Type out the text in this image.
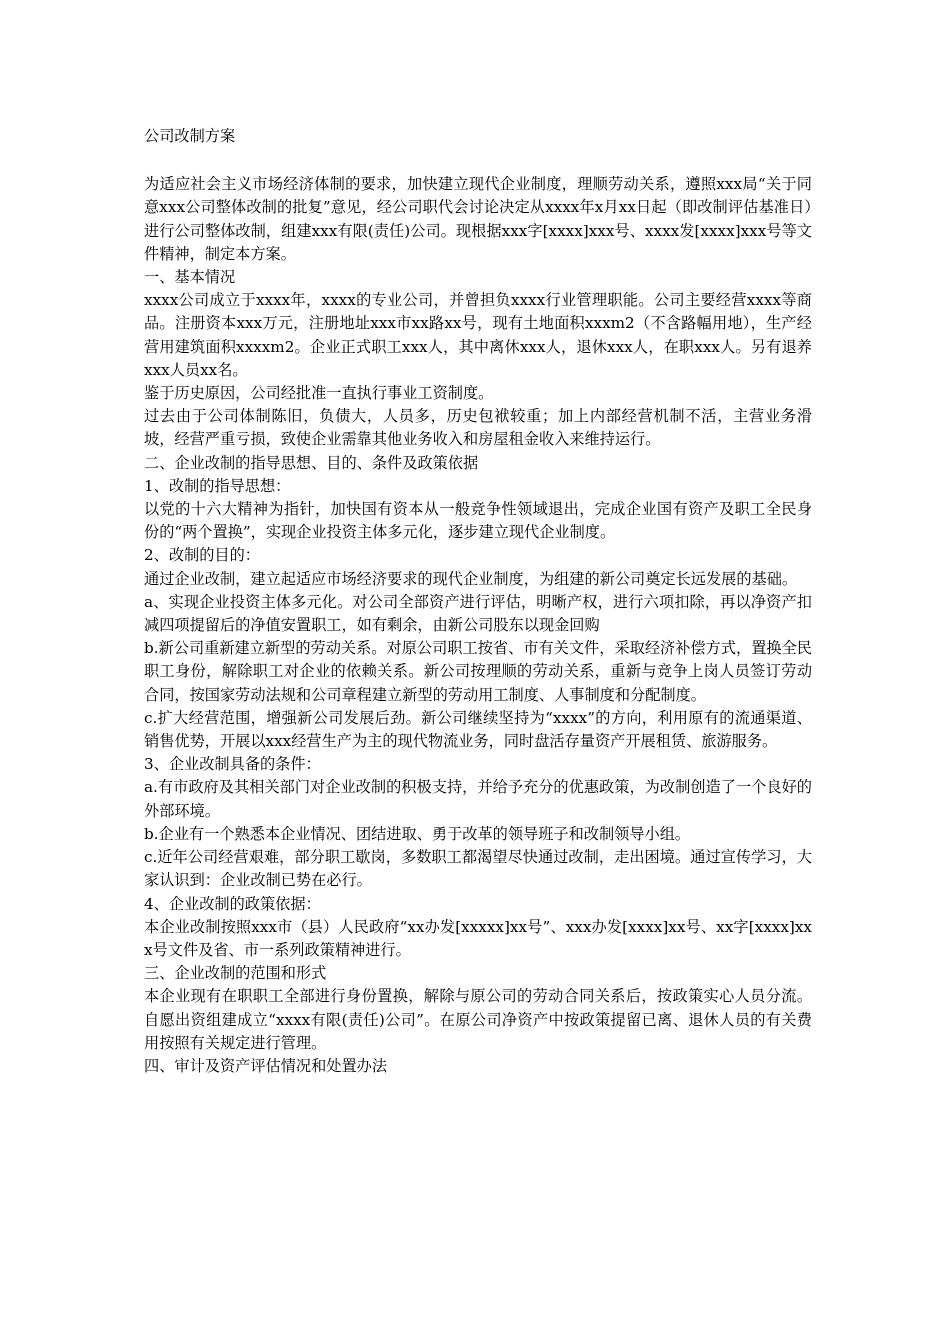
公司改制方案

为适应社会主义市场经济体制的要求，加快建立现代企业制度，理顺劳动关系，遵照xxx局“关于同意xxx公司整体改制的批复”意见，经公司职代会讨论决定从xxxx年x月xx日起（即改制评估基准日）进行公司整体改制，组建xxx有限(责任)公司。现根据xxx字[xxxx]xxx号、xxxx发[xxxx]xxx号等文件精神，制定本方案。

一、基本情况

xxxx公司成立于xxxx年，xxxx的专业公司，并曾担负xxxx行业管理职能。公司主要经营xxxx等商品。注册资本xxx万元，注册地址xxx市xx路xx号，现有土地面积xxxm2（不含路幅用地），生产经营用建筑面积xxxxm2。企业正式职工xxx人，其中离休xxx人，退休xxx人，在职xxx人。另有退养xxx人员xx名。

鉴于历史原因，公司经批准一直执行事业工资制度。

过去由于公司体制陈旧，负债大，人员多，历史包袱较重；加上内部经营机制不活，主营业务滑坡，经营严重亏损，致使企业需靠其他业务收入和房屋租金收入来维持运行。

二、企业改制的指导思想、目的、条件及政策依据

1、改制的指导思想：

以党的十六大精神为指针，加快国有资本从一般竞争性领域退出，完成企业国有资产及职工全民身份的“两个置换”，实现企业投资主体多元化，逐步建立现代企业制度。

2、改制的目的：

通过企业改制，建立起适应市场经济要求的现代企业制度，为组建的新公司奠定长远发展的基础。

a、实现企业投资主体多元化。对公司全部资产进行评估，明晰产权，进行六项扣除，再以净资产扣减四项提留后的净值安置职工，如有剩余，由新公司股东以现金回购

b.新公司重新建立新型的劳动关系。对原公司职工按省、市有关文件，采取经济补偿方式，置换全民职工身份，解除职工对企业的依赖关系。新公司按理顺的劳动关系，重新与竞争上岗人员签订劳动合同，按国家劳动法规和公司章程建立新型的劳动用工制度、人事制度和分配制度。

c.扩大经营范围，增强新公司发展后劲。新公司继续坚持为“xxxx”的方向，利用原有的流通渠道、销售优势，开展以xxx经营生产为主的现代物流业务，同时盘活存量资产开展租赁、旅游服务。

3、企业改制具备的条件：

a.有市政府及其相关部门对企业改制的积极支持，并给予充分的优惠政策，为改制创造了一个良好的外部环境。

b.企业有一个熟悉本企业情况、团结进取、勇于改革的领导班子和改制领导小组。

c.近年公司经营艰难，部分职工歇岗，多数职工都渴望尽快通过改制，走出困境。通过宣传学习，大家认识到：企业改制已势在必行。

4、企业改制的政策依据：

本企业改制按照xxx市（县）人民政府“xx办发[xxxxx]xx号”、xxx办发[xxxx]xx号、xx字[xxxx]xxx号文件及省、市一系列政策精神进行。

三、企业改制的范围和形式

本企业现有在职职工全部进行身份置换，解除与原公司的劳动合同关系后，按政策实心人员分流。自愿出资组建成立“xxxx有限(责任)公司”。在原公司净资产中按政策提留已离、退休人员的有关费用按照有关规定进行管理。

四、审计及资产评估情况和处置办法
